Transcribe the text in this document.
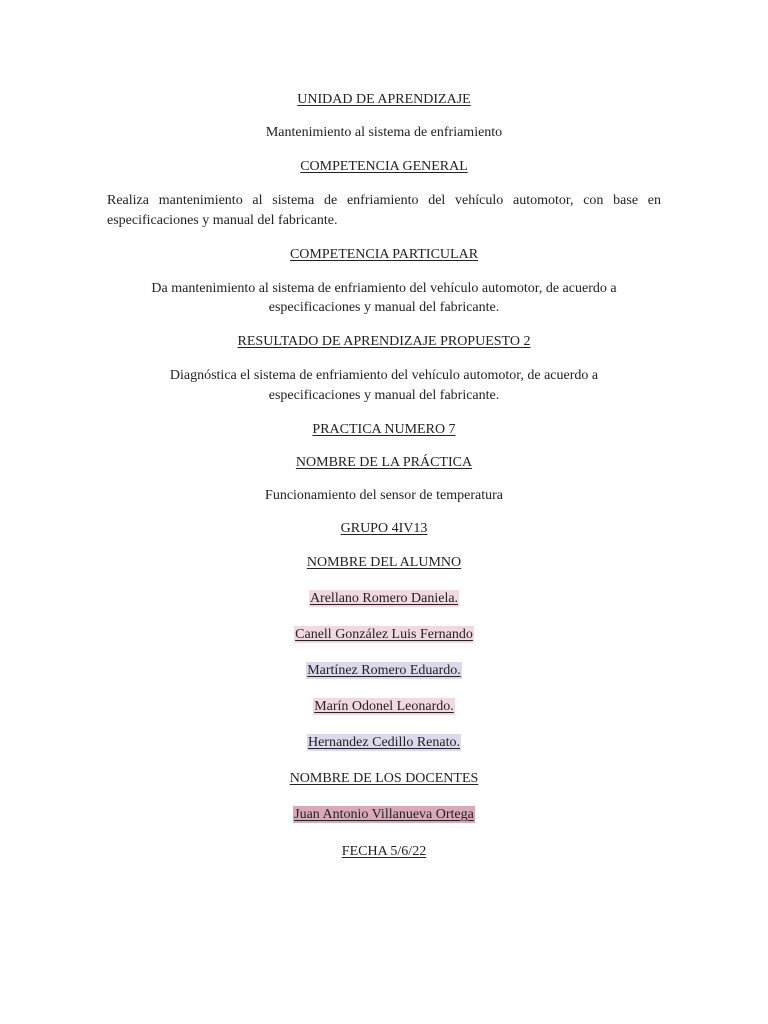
UNIDAD DE APRENDIZAJE
Mantenimiento al sistema de enfriamiento
COMPETENCIA GENERAL
Realiza mantenimiento al sistema de enfriamiento del vehículo automotor, con base en especificaciones y manual del fabricante.
COMPETENCIA PARTICULAR
Da mantenimiento al sistema de enfriamiento del vehículo automotor, de acuerdo a
especificaciones y manual del fabricante.
RESULTADO DE APRENDIZAJE PROPUESTO 2
Diagnóstica el sistema de enfriamiento del vehículo automotor, de acuerdo a
especificaciones y manual del fabricante.
PRACTICA NUMERO 7
NOMBRE DE LA PRÁCTICA
Funcionamiento del sensor de temperatura
GRUPO 4IV13
NOMBRE DEL ALUMNO
Arellano Romero Daniela.
Canell González Luis Fernando
Martínez Romero Eduardo.
Marín Odonel Leonardo.
Hernandez Cedillo Renato.
NOMBRE DE LOS DOCENTES
Juan Antonio Villanueva Ortega
FECHA 5/6/22
